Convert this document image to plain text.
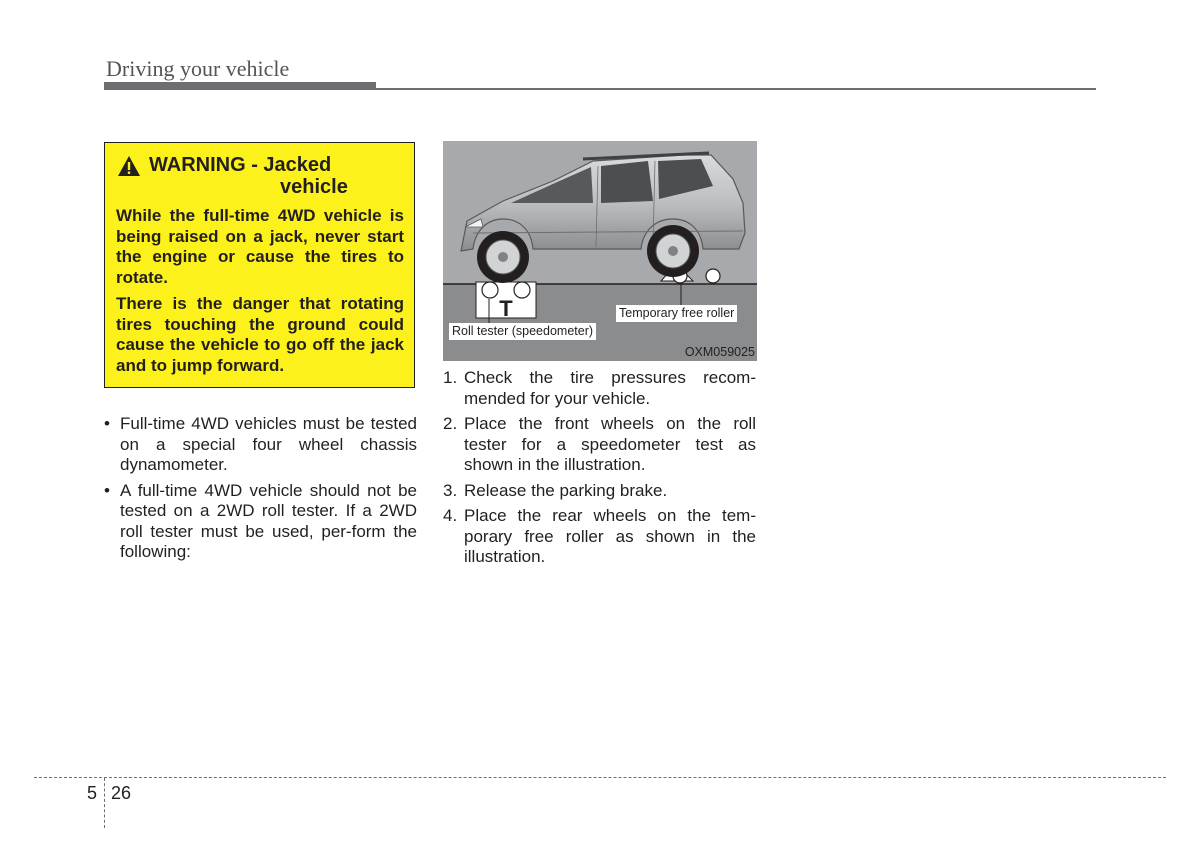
Driving your vehicle
WARNING - Jacked
vehicle

While the full-time 4WD vehicle is being raised on a jack, never start the engine or cause the tires to rotate.

There is the danger that rotating tires touching the ground could cause the vehicle to go off the jack and to jump forward.

• Full-time 4WD vehicles must be tested on a special four wheel chassis dynamometer.
• A full-time 4WD vehicle should not be tested on a 2WD roll tester. If a 2WD roll tester must be used, per-form the following:
T
Roll tester (speedometer)
Temporary free roller
OXM059025
1. Check the tire pressures recom-mended for your vehicle.
2. Place the front wheels on the roll tester for a speedometer test as shown in the illustration.
3. Release the parking brake.
4. Place the rear wheels on the tem-porary free roller as shown in the illustration.
5 26
